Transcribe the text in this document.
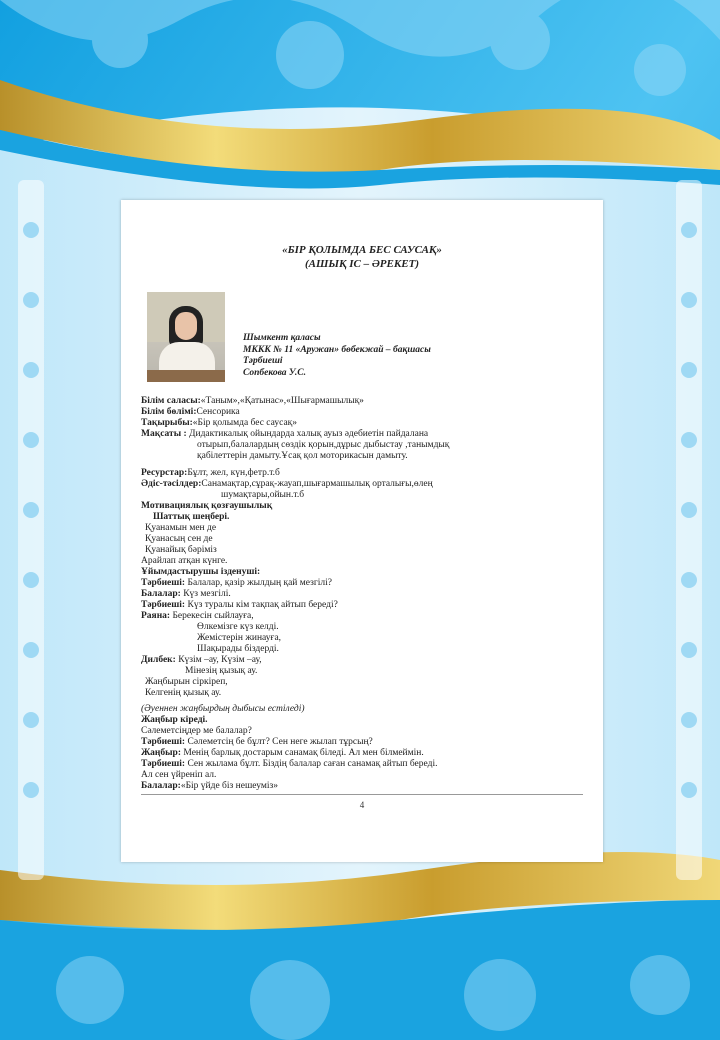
«БІР ҚОЛЫМДА БЕС САУСАҚ»
(АШЫҚ ІС – ӘРЕКЕТ)
Шымкент қаласы
МККК № 11 «Аружан» бөбекжай – бақшасы
Тәрбиеші
Сопбекова У.С.
Білім саласы:«Таным»,«Қатынас»,«Шығармашылық»
Білім бөлімі:Сенсорика
Тақырыбы:«Бір қолымда бес саусақ»
Мақсаты : Дидактикалық ойындарда халық ауыз әдебиетін пайдалана
отырып,балалардың сөздік қорын,дұрыс дыбыстау ,танымдық
қабілеттерін дамыту.Ұсақ қол моторикасын дамыту.
Ресурстар:Бұлт, жел, күн,фетр.т.б
Әдіс-тәсілдер:Санамақтар,сұрақ-жауап,шығармашылық орталығы,өлең
шумақтары,ойын.т.б
Мотивациялық қозғаушылық
Шаттық шеңбері.
Қуанамын мен де
Қуанасың сен де
Қуанайық бәріміз
Арайлап атқан күнге.
Ұйымдастырушы ізденуші:
Тәрбиеші: Балалар, қазір жылдың қай мезгілі?
Балалар: Күз мезгілі.
Тәрбиеші: Күз туралы кім тақпақ айтып береді?
Раяна: Берекесін сыйлауға,
Өлкемізге күз келді.
Жемістерін жинауға,
Шақырады біздерді.
Дилбек: Күзім –ау, Күзім –ау,
Мінезің қызық ау.
Жаңбырын сіркіреп,
Келгенің қызық ау.
(Әуеннен жаңбырдың дыбысы естіледі)
Жаңбыр кіреді.
Сәлеметсіңдер ме балалар?
Тәрбиеші: Сәлеметсің бе бұлт? Сен неге жылап тұрсың?
Жаңбыр: Менің барлық достарым санамақ біледі. Ал мен білмеймін.
Тәрбиеші: Сен жылама бұлт. Біздің балалар саған санамақ айтып береді.
Ал сен үйреніп ал.
Балалар:«Бір үйде біз нешеуміз»
4
